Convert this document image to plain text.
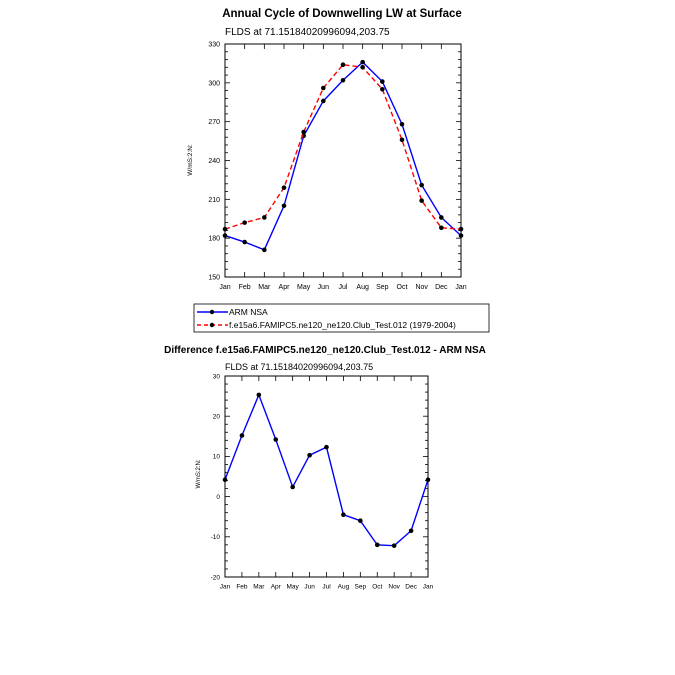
Annual Cycle of Downwelling LW at Surface
FLDS at 71.15184020996094,203.75
W/mS:2:N:
150
180
210
240
270
300
330
Jan Feb Mar Apr May Jun Jul Aug Sep Oct Nov Dec Jan
ARM NSA
f.e15a6.FAMIPC5.ne120_ne120.Club_Test.012 (1979-2004)
Difference f.e15a6.FAMIPC5.ne120_ne120.Club_Test.012 - ARM NSA
FLDS at 71.15184020996094,203.75
W/mS:2:N:
-20
-10
0
10
20
30
Jan Feb Mar Apr May Jun Jul Aug Sep Oct Nov Dec Jan
